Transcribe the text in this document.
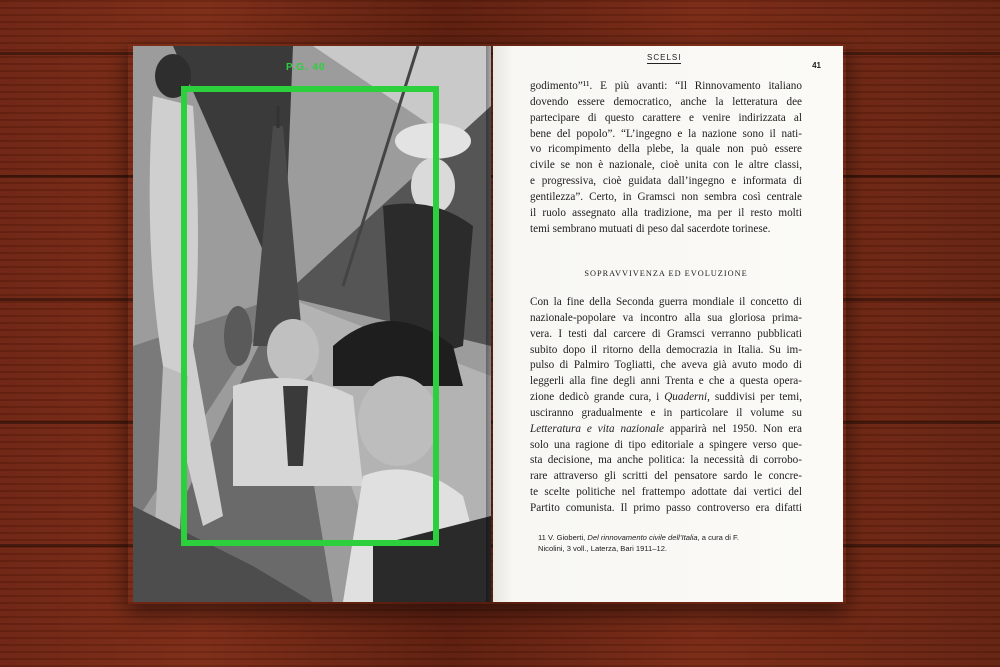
P.G. 40
SCELSI
41
godimento”¹¹. E più avanti: “Il Rinnovamento italiano
dovendo essere democratico, anche la letteratura dee
partecipare di questo carattere e venire indirizzata al
bene del popolo”. “L’ingegno e la nazione sono il nati-
vo ricompimento della plebe, la quale non può essere
civile se non è nazionale, cioè unita con le altre classi,
e progressiva, cioè guidata dall’ingegno e informata di
gentilezza”. Certo, in Gramsci non sembra così centrale
il ruolo assegnato alla tradizione, ma per il resto molti
temi sembrano mutuati di peso dal sacerdote torinese.
SOPRAVVIVENZA ED EVOLUZIONE
Con la fine della Seconda guerra mondiale il concetto di
nazionale-popolare va incontro alla sua gloriosa prima-
vera. I testi dal carcere di Gramsci verranno pubblicati
subito dopo il ritorno della democrazia in Italia. Su im-
pulso di Palmiro Togliatti, che aveva già avuto modo di
leggerli alla fine degli anni Trenta e che a questa opera-
zione dedicò grande cura, i Quaderni, suddivisi per temi,
usciranno gradualmente e in particolare il volume su
Letteratura e vita nazionale apparirà nel 1950. Non era
solo una ragione di tipo editoriale a spingere verso que-
sta decisione, ma anche politica: la necessità di corrobo-
rare attraverso gli scritti del pensatore sardo le concre-
te scelte politiche nel frattempo adottate dai vertici del
Partito comunista. Il primo passo controverso era difatti
11 V. Gioberti, Del rinnovamento civile dell’Italia, a cura di F.
Nicolini, 3 voll., Laterza, Bari 1911–12.
